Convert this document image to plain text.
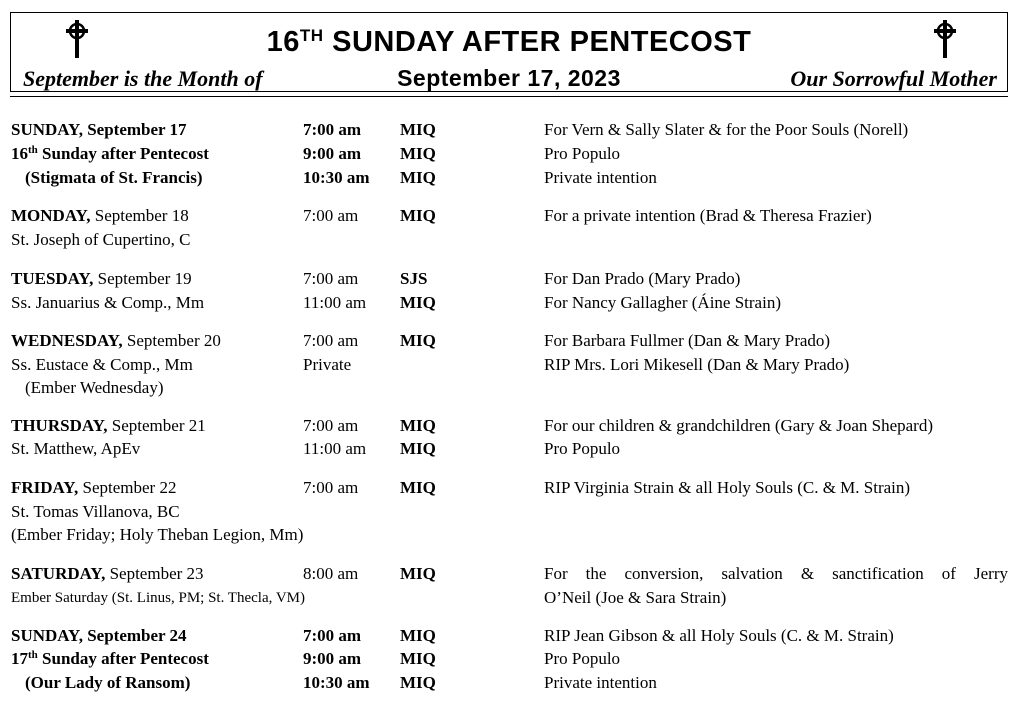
16TH SUNDAY AFTER PENTECOST
September is the Month of	September 17, 2023	Our Sorrowful Mother
SUNDAY, September 17	7:00 am MIQ	For Vern & Sally Slater & for the Poor Souls (Norell)
16th Sunday after Pentecost	9:00 am MIQ	Pro Populo
(Stigmata of St. Francis)	10:30 am MIQ	Private intention
MONDAY, September 18	7:00 am MIQ	For a private intention (Brad & Theresa Frazier)
St. Joseph of Cupertino, C
TUESDAY, September 19	7:00 am SJS	For Dan Prado (Mary Prado)
Ss. Januarius & Comp., Mm	11:00 am MIQ	For Nancy Gallagher (Áine Strain)
WEDNESDAY, September 20	7:00 am MIQ	For Barbara Fullmer (Dan & Mary Prado)
Ss. Eustace & Comp., Mm	Private	RIP Mrs. Lori Mikesell (Dan & Mary Prado)
(Ember Wednesday)
THURSDAY, September 21	7:00 am MIQ	For our children & grandchildren (Gary & Joan Shepard)
St. Matthew, ApEv	11:00 am MIQ	Pro Populo
FRIDAY, September 22	7:00 am MIQ	RIP Virginia Strain & all Holy Souls (C. & M. Strain)
St. Tomas Villanova, BC
(Ember Friday; Holy Theban Legion, Mm)
SATURDAY, September 23	8:00 am MIQ	For the conversion, salvation & sanctification of Jerry
Ember Saturday (St. Linus, PM; St. Thecla, VM)	O’Neil (Joe & Sara Strain)
SUNDAY, September 24	7:00 am MIQ	RIP Jean Gibson & all Holy Souls (C. & M. Strain)
17th Sunday after Pentecost	9:00 am MIQ	Pro Populo
(Our Lady of Ransom)	10:30 am MIQ	Private intention
